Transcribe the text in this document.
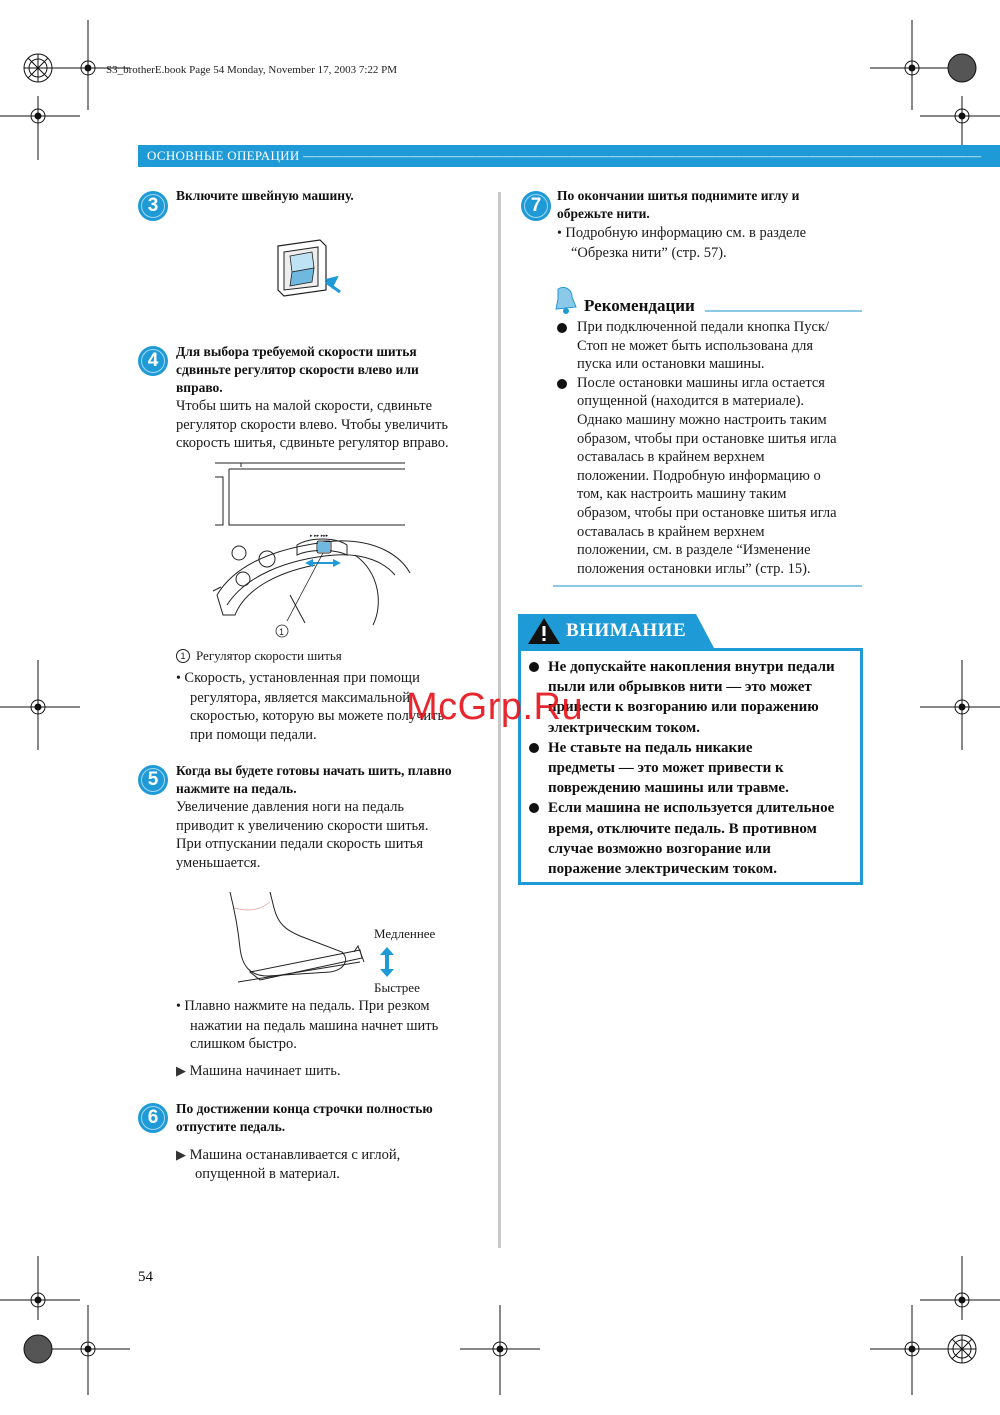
S3_brotherE.book Page 54 Monday, November 17, 2003 7:22 PM
ОСНОВНЫЕ ОПЕРАЦИИ ———————————————————————————————————————————————————
3	Включите швейную машину.
4	Для выбора требуемой скорости шитья
сдвиньте регулятор скорости влево или
вправо.
Чтобы шить на малой скорости, сдвиньте
регулятор скорости влево. Чтобы увеличить
скорость шитья, сдвиньте регулятор вправо.
▸ ▸▸ ▸▸▸
1
1 Регулятор скорости шитья
• Скорость, установленная при помощи
регулятора, является максимальной
скоростью, которую вы можете получить
при помощи педали.
5	Когда вы будете готовы начать шить, плавно
нажмите на педаль.
Увеличение давления ноги на педаль
приводит к увеличению скорости шитья.
При отпускании педали скорость шитья
уменьшается.
Медленнее
Быстрее
• Плавно нажмите на педаль. При резком
нажатии на педаль машина начнет шить
слишком быстро.
▶ Машина начинает шить.
6	По достижении конца строчки полностью
отпустите педаль.
▶ Машина останавливается с иглой,
опущенной в материал.
7	По окончании шитья поднимите иглу и
обрежьте нити.
• Подробную информацию см. в разделе
“Обрезка нити” (стр. 57).
Рекомендации
При подключенной педали кнопка Пуск/
Стоп не может быть использована для
пуска или остановки машины.
После остановки машины игла остается
опущенной (находится в материале).
Однако машину можно настроить таким
образом, чтобы при остановке шитья игла
оставалась в крайнем верхнем
положении. Подробную информацию о
том, как настроить машину таким
образом, чтобы при остановке шитья игла
оставалась в крайнем верхнем
положении, см. в разделе “Изменение
положения остановки иглы” (стр. 15).
ВНИМАНИЕ
Не допускайте накопления внутри педали
пыли или обрывков нити — это может
привести к возгоранию или поражению
электрическим током.
Не ставьте на педаль никакие
предметы — это может привести к
повреждению машины или травме.
Если машина не используется длительное
время, отключите педаль. В противном
случае возможно возгорание или
поражение электрическим током.
McGrp.Ru
54
